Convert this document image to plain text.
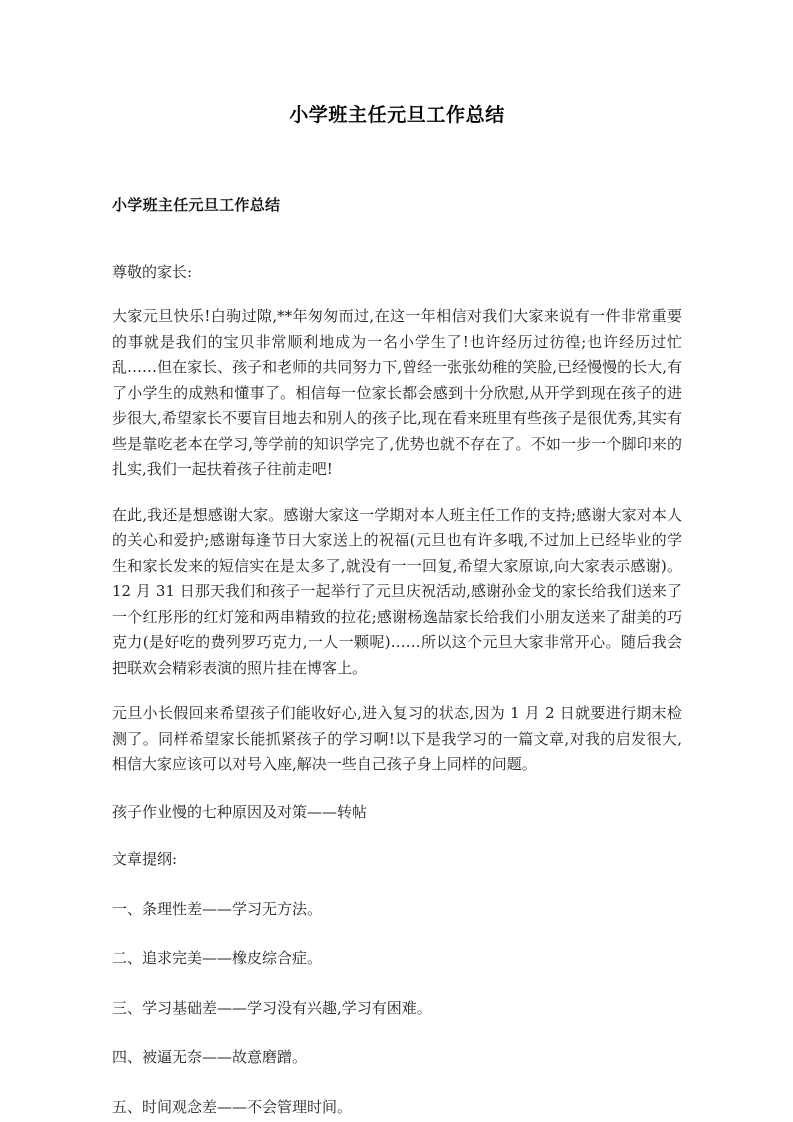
小学班主任元旦工作总结
小学班主任元旦工作总结

尊敬的家长:

大家元旦快乐!白驹过隙,**年匆匆而过,在这一年相信对我们大家来说有一件非常重要的事就是我们的宝贝非常顺利地成为一名小学生了!也许经历过彷徨;也许经历过忙乱……但在家长、孩子和老师的共同努力下,曾经一张张幼稚的笑脸,已经慢慢的长大,有了小学生的成熟和懂事了。相信每一位家长都会感到十分欣慰,从开学到现在孩子的进步很大,希望家长不要盲目地去和别人的孩子比,现在看来班里有些孩子是很优秀,其实有些是靠吃老本在学习,等学前的知识学完了,优势也就不存在了。不如一步一个脚印来的扎实,我们一起扶着孩子往前走吧!

在此,我还是想感谢大家。感谢大家这一学期对本人班主任工作的支持;感谢大家对本人的关心和爱护;感谢每逢节日大家送上的祝福(元旦也有许多哦,不过加上已经毕业的学生和家长发来的短信实在是太多了,就没有一一回复,希望大家原谅,向大家表示感谢)。12 月 31 日那天我们和孩子一起举行了元旦庆祝活动,感谢孙金戈的家长给我们送来了一个红彤彤的红灯笼和两串精致的拉花;感谢杨逸喆家长给我们小朋友送来了甜美的巧克力(是好吃的费列罗巧克力,一人一颗呢)……所以这个元旦大家非常开心。随后我会把联欢会精彩表演的照片挂在博客上。

元旦小长假回来希望孩子们能收好心,进入复习的状态,因为 1 月 2 日就要进行期末检测了。同样希望家长能抓紧孩子的学习啊!以下是我学习的一篇文章,对我的启发很大,相信大家应该可以对号入座,解决一些自己孩子身上同样的问题。

孩子作业慢的七种原因及对策——转帖

文章提纲:

一、条理性差——学习无方法。
二、追求完美——橡皮综合症。
三、学习基础差——学习没有兴趣,学习有困难。
四、被逼无奈——故意磨蹭。
五、时间观念差——不会管理时间。
